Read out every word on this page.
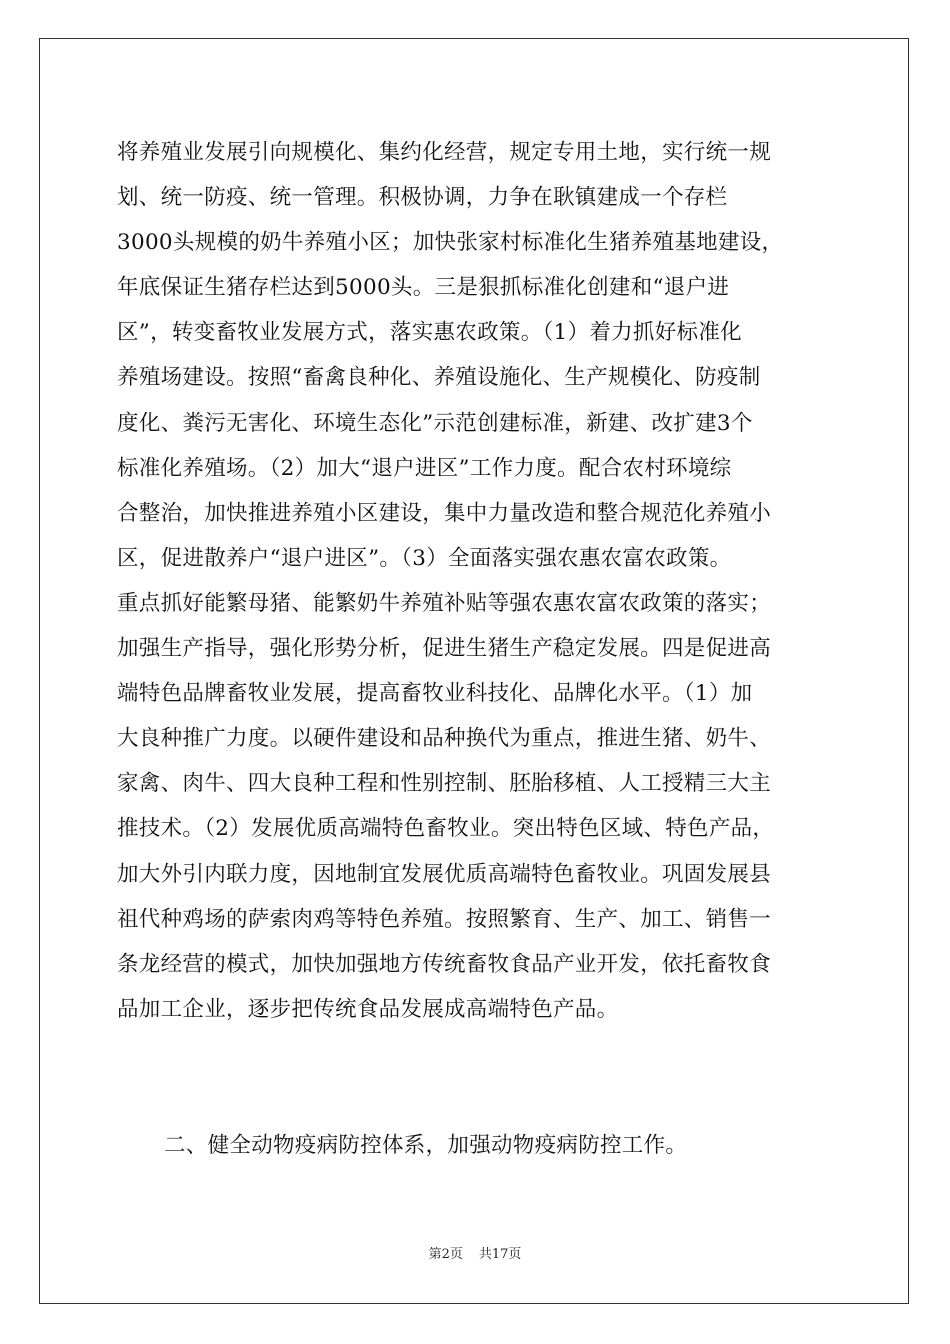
将养殖业发展引向规模化、集约化经营，规定专用土地，实行统一规
划、统一防疫、统一管理。积极协调，力争在耿镇建成一个存栏
3000头规模的奶牛养殖小区；加快张家村标准化生猪养殖基地建设，
年底保证生猪存栏达到5000头。三是狠抓标准化创建和“退户进
区”，转变畜牧业发展方式，落实惠农政策。（1）着力抓好标准化
养殖场建设。按照“畜禽良种化、养殖设施化、生产规模化、防疫制
度化、粪污无害化、环境生态化”示范创建标准，新建、改扩建3个
标准化养殖场。（2）加大“退户进区”工作力度。配合农村环境综
合整治，加快推进养殖小区建设，集中力量改造和整合规范化养殖小
区，促进散养户“退户进区”。（3）全面落实强农惠农富农政策。
重点抓好能繁母猪、能繁奶牛养殖补贴等强农惠农富农政策的落实；
加强生产指导，强化形势分析，促进生猪生产稳定发展。四是促进高
端特色品牌畜牧业发展，提高畜牧业科技化、品牌化水平。（1）加
大良种推广力度。以硬件建设和品种换代为重点，推进生猪、奶牛、
家禽、肉牛、四大良种工程和性别控制、胚胎移植、人工授精三大主
推技术。（2）发展优质高端特色畜牧业。突出特色区域、特色产品，
加大外引内联力度，因地制宜发展优质高端特色畜牧业。巩固发展县
祖代种鸡场的萨索肉鸡等特色养殖。按照繁育、生产、加工、销售一
条龙经营的模式，加快加强地方传统畜牧食品产业开发，依托畜牧食
品加工企业，逐步把传统食品发展成高端特色产品。
二、健全动物疫病防控体系，加强动物疫病防控工作。
第2页 共17页
